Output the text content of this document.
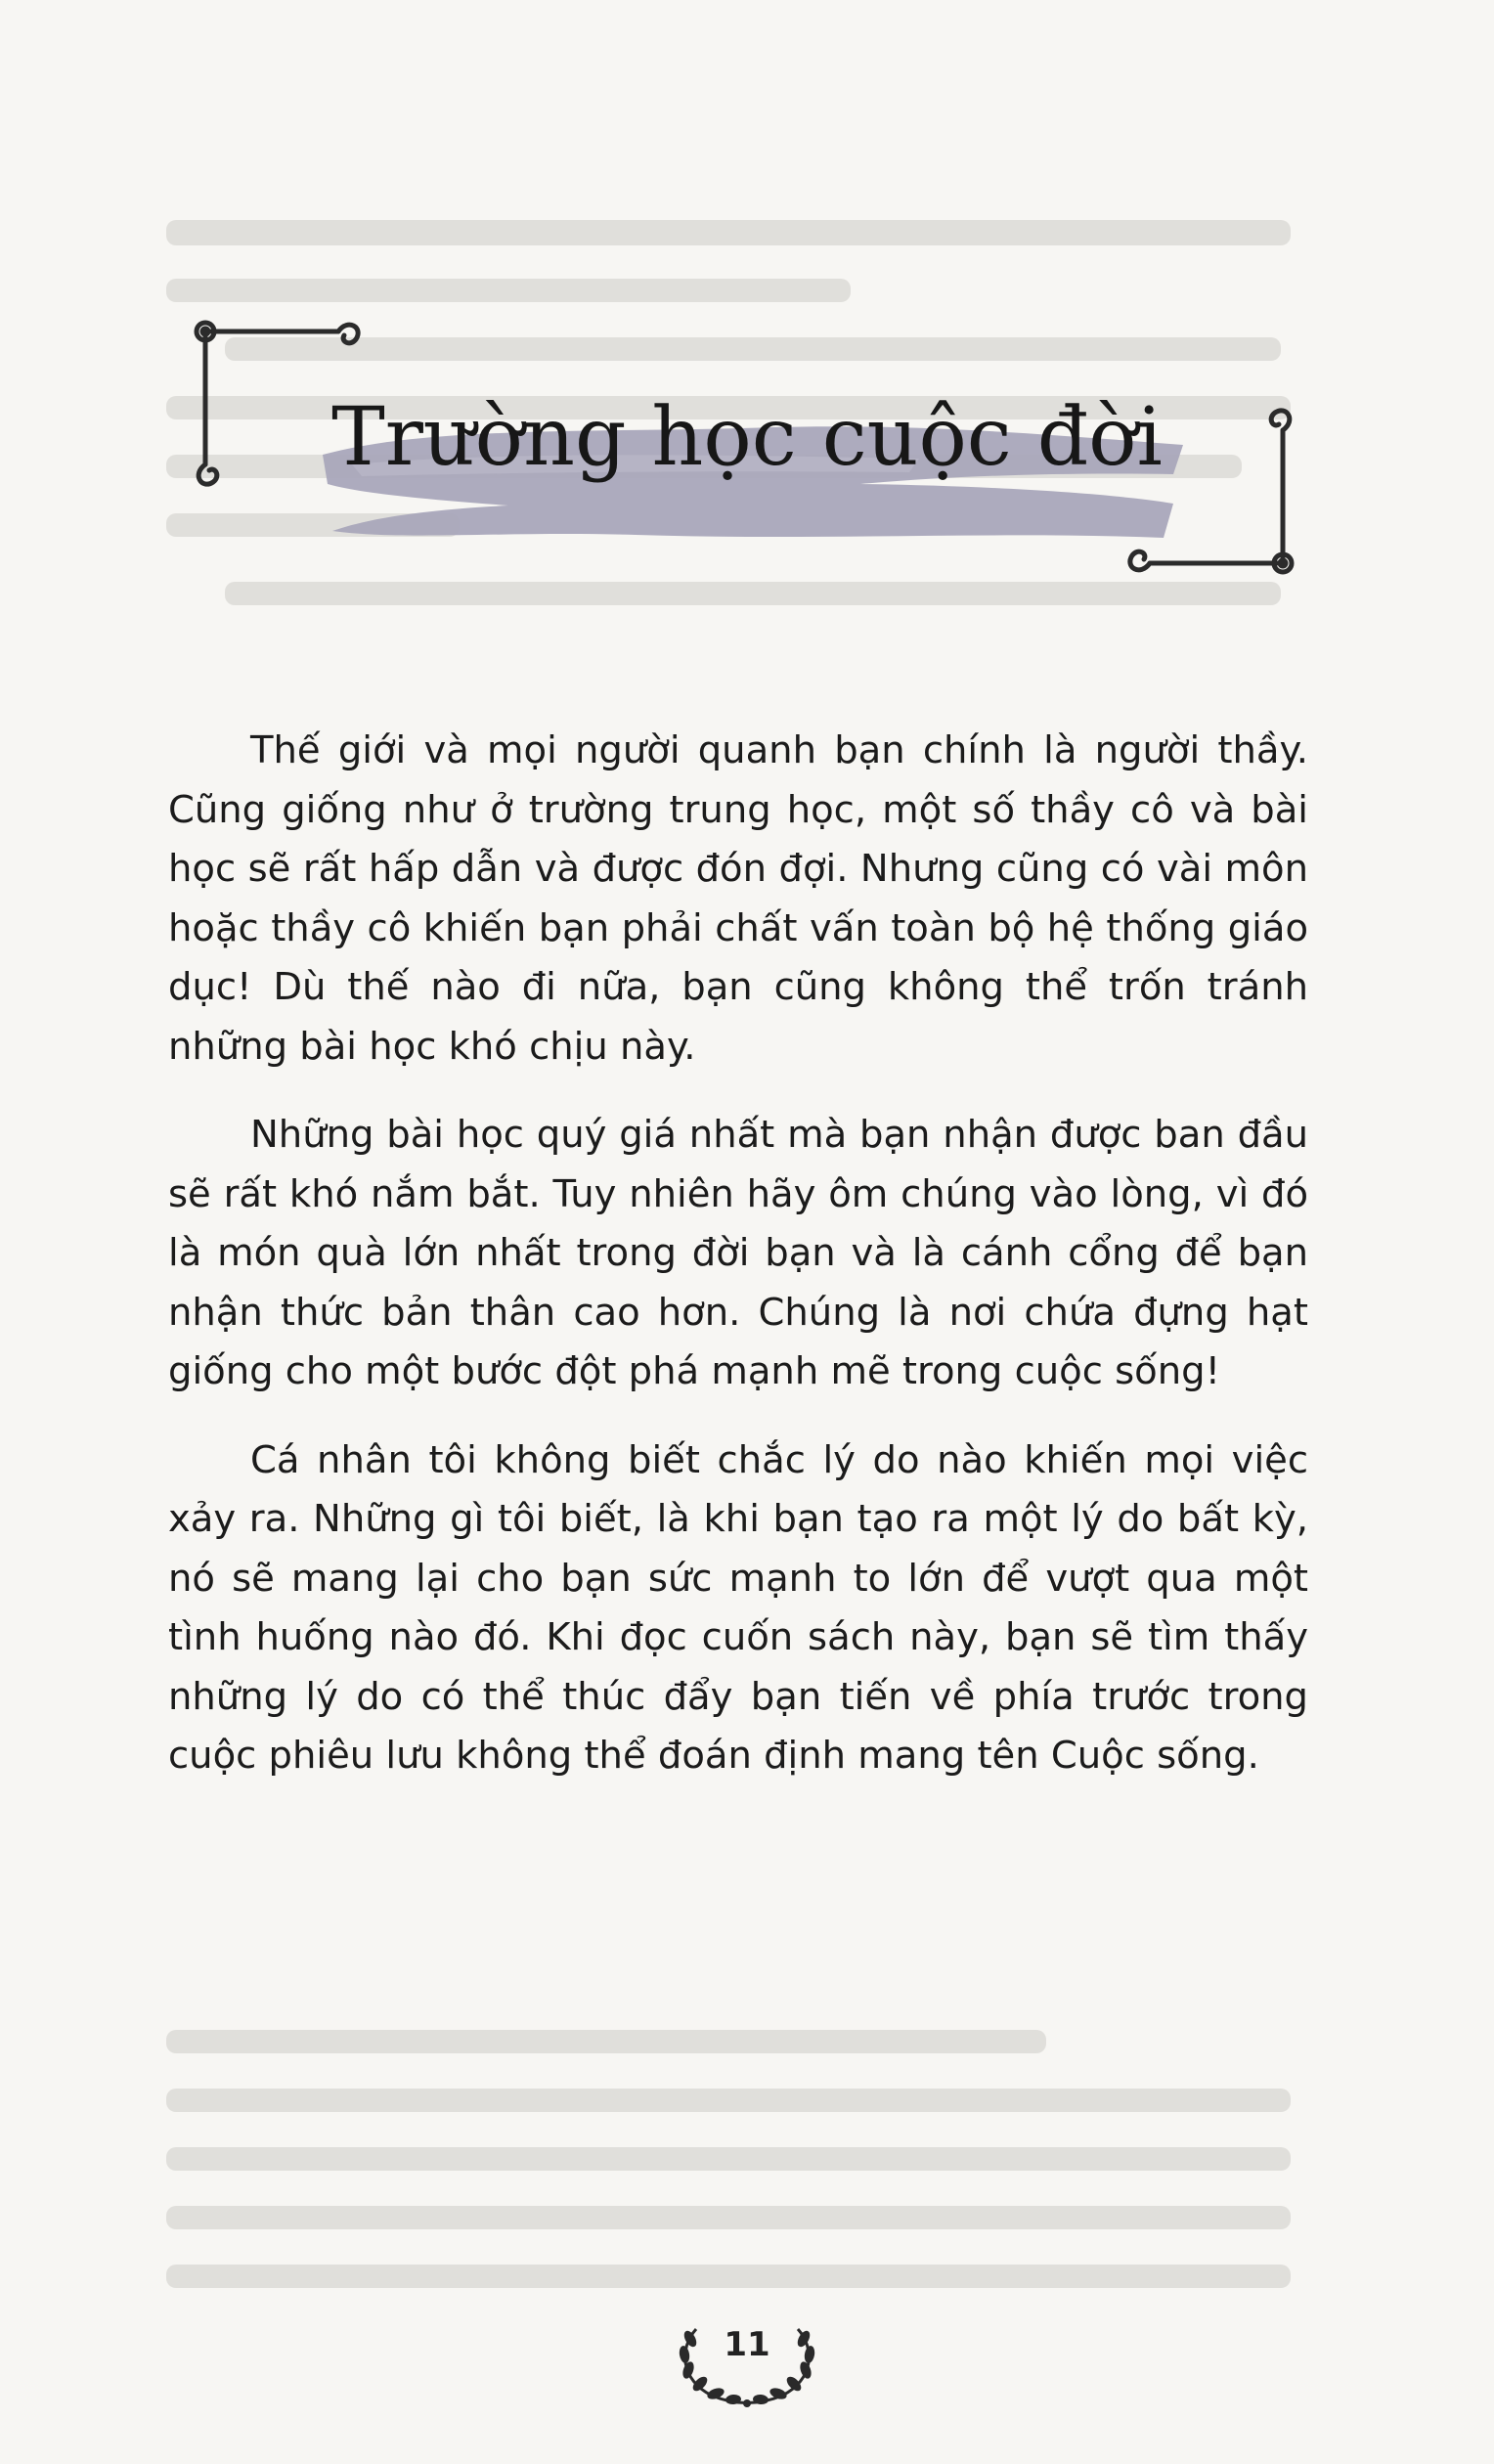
Trường học cuộc đời

Thế giới và mọi người quanh bạn chính là người thầy. Cũng giống như ở trường trung học, một số thầy cô và bài học sẽ rất hấp dẫn và được đón đợi. Nhưng cũng có vài môn hoặc thầy cô khiến bạn phải chất vấn toàn bộ hệ thống giáo dục! Dù thế nào đi nữa, bạn cũng không thể trốn tránh những bài học khó chịu này.

Những bài học quý giá nhất mà bạn nhận được ban đầu sẽ rất khó nắm bắt. Tuy nhiên hãy ôm chúng vào lòng, vì đó là món quà lớn nhất trong đời bạn và là cánh cổng để bạn nhận thức bản thân cao hơn. Chúng là nơi chứa đựng hạt giống cho một bước đột phá mạnh mẽ trong cuộc sống!

Cá nhân tôi không biết chắc lý do nào khiến mọi việc xảy ra. Những gì tôi biết, là khi bạn tạo ra một lý do bất kỳ, nó sẽ mang lại cho bạn sức mạnh to lớn để vượt qua một tình huống nào đó. Khi đọc cuốn sách này, bạn sẽ tìm thấy những lý do có thể thúc đẩy bạn tiến về phía trước trong cuộc phiêu lưu không thể đoán định mang tên Cuộc sống.

11
